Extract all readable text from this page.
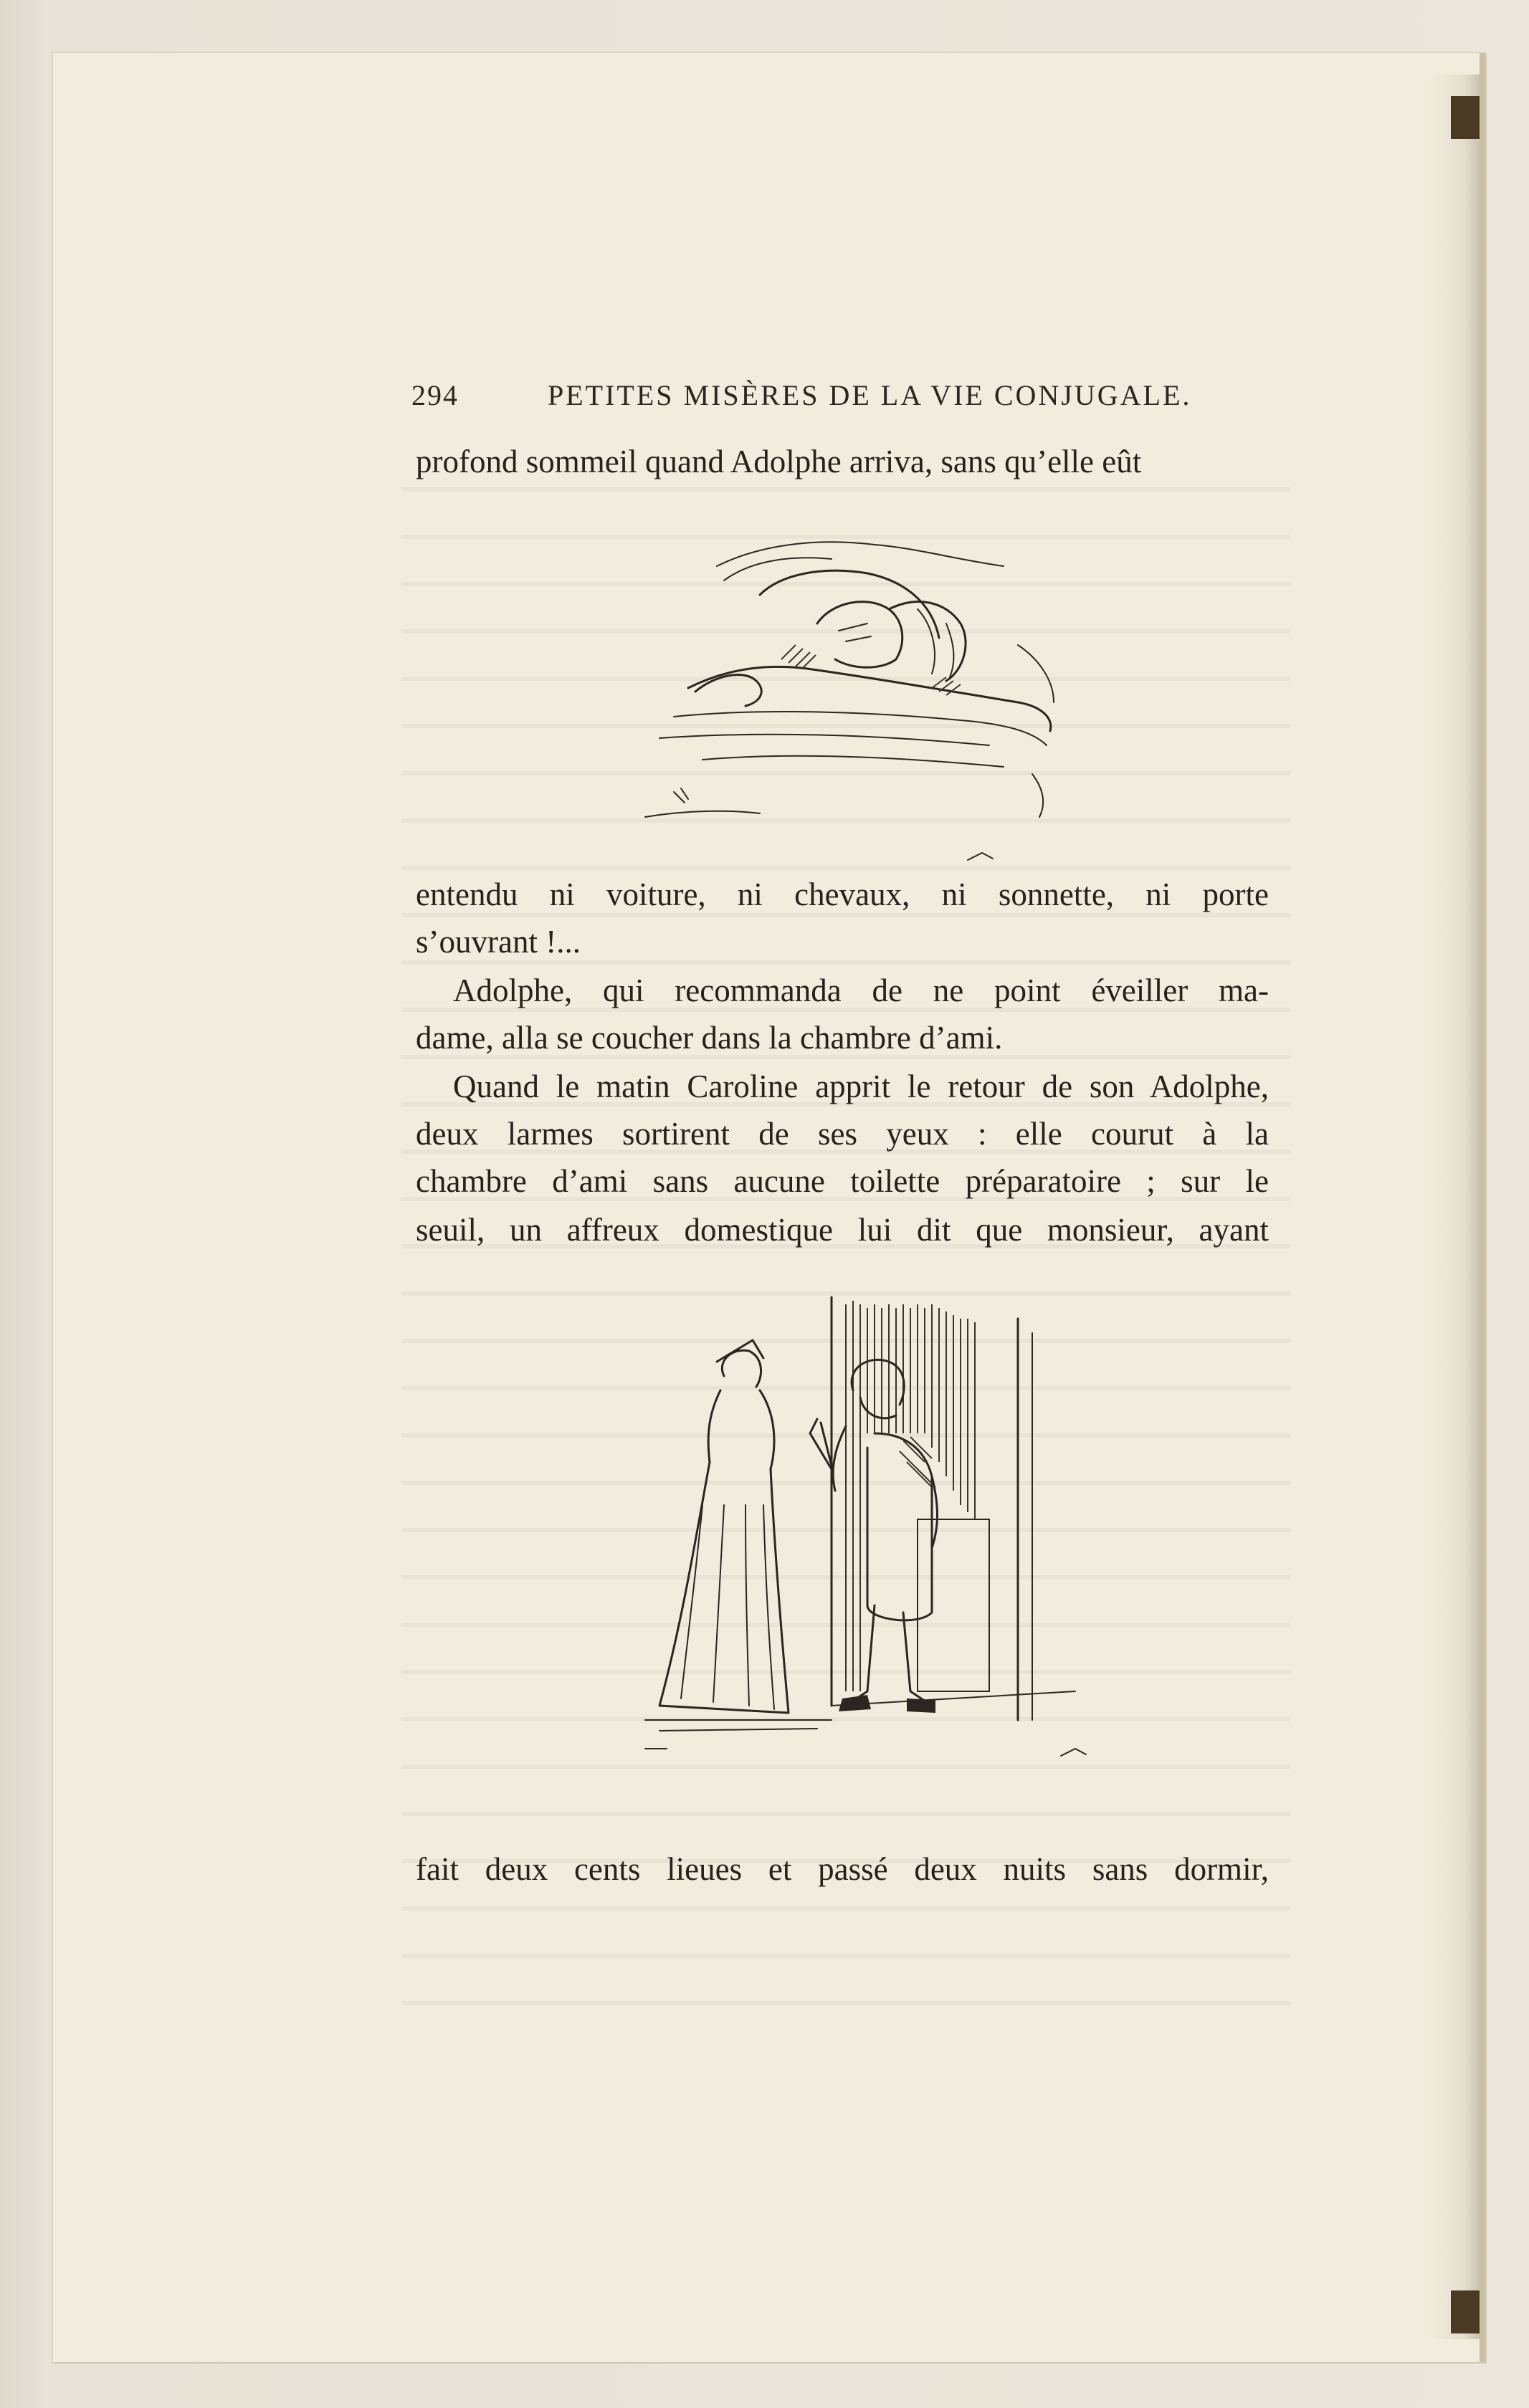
294	PETITES MISÈRES DE LA VIE CONJUGALE.
profond sommeil quand Adolphe arriva, sans qu’elle eût
entendu ni voiture, ni chevaux, ni sonnette, ni porte
s’ouvrant !...
Adolphe, qui recommanda de ne point éveiller ma-
dame, alla se coucher dans la chambre d’ami.
Quand le matin Caroline apprit le retour de son Adolphe,
deux larmes sortirent de ses yeux : elle courut à la
chambre d’ami sans aucune toilette préparatoire ; sur le
seuil, un affreux domestique lui dit que monsieur, ayant
fait deux cents lieues et passé deux nuits sans dormir,
